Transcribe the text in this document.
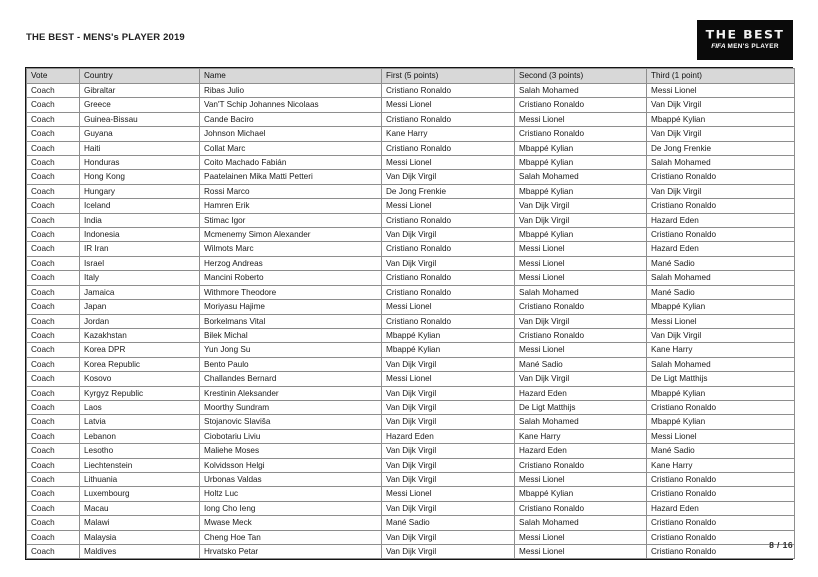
THE BEST - MENS's PLAYER 2019	THE BEST
FIFA MEN'S PLAYER
Vote	Country	Name	First (5 points)	Second (3 points)	Third (1 point)
Coach	Gibraltar	Ribas Julio	Cristiano Ronaldo	Salah Mohamed	Messi Lionel
Coach	Greece	Van'T Schip Johannes Nicolaas	Messi Lionel	Cristiano Ronaldo	Van Dijk Virgil
Coach	Guinea-Bissau	Cande Baciro	Cristiano Ronaldo	Messi Lionel	Mbappé Kylian
Coach	Guyana	Johnson Michael	Kane Harry	Cristiano Ronaldo	Van Dijk Virgil
Coach	Haiti	Collat Marc	Cristiano Ronaldo	Mbappé Kylian	De Jong Frenkie
Coach	Honduras	Coito Machado Fabián	Messi Lionel	Mbappé Kylian	Salah Mohamed
Coach	Hong Kong	Paatelainen Mika Matti Petteri	Van Dijk Virgil	Salah Mohamed	Cristiano Ronaldo
Coach	Hungary	Rossi Marco	De Jong Frenkie	Mbappé Kylian	Van Dijk Virgil
Coach	Iceland	Hamren Erik	Messi Lionel	Van Dijk Virgil	Cristiano Ronaldo
Coach	India	Stimac Igor	Cristiano Ronaldo	Van Dijk Virgil	Hazard Eden
Coach	Indonesia	Mcmenemy Simon Alexander	Van Dijk Virgil	Mbappé Kylian	Cristiano Ronaldo
Coach	IR Iran	Wilmots Marc	Cristiano Ronaldo	Messi Lionel	Hazard Eden
Coach	Israel	Herzog Andreas	Van Dijk Virgil	Messi Lionel	Mané Sadio
Coach	Italy	Mancini Roberto	Cristiano Ronaldo	Messi Lionel	Salah Mohamed
Coach	Jamaica	Withmore Theodore	Cristiano Ronaldo	Salah Mohamed	Mané Sadio
Coach	Japan	Moriyasu Hajime	Messi Lionel	Cristiano Ronaldo	Mbappé Kylian
Coach	Jordan	Borkelmans Vital	Cristiano Ronaldo	Van Dijk Virgil	Messi Lionel
Coach	Kazakhstan	Bilek Michal	Mbappé Kylian	Cristiano Ronaldo	Van Dijk Virgil
Coach	Korea DPR	Yun Jong Su	Mbappé Kylian	Messi Lionel	Kane Harry
Coach	Korea Republic	Bento Paulo	Van Dijk Virgil	Mané Sadio	Salah Mohamed
Coach	Kosovo	Challandes Bernard	Messi Lionel	Van Dijk Virgil	De Ligt Matthijs
Coach	Kyrgyz Republic	Krestinin Aleksander	Van Dijk Virgil	Hazard Eden	Mbappé Kylian
Coach	Laos	Moorthy Sundram	Van Dijk Virgil	De Ligt Matthijs	Cristiano Ronaldo
Coach	Latvia	Stojanovic Slaviša	Van Dijk Virgil	Salah Mohamed	Mbappé Kylian
Coach	Lebanon	Ciobotariu Liviu	Hazard Eden	Kane Harry	Messi Lionel
Coach	Lesotho	Maliehe Moses	Van Dijk Virgil	Hazard Eden	Mané Sadio
Coach	Liechtenstein	Kolvidsson Helgi	Van Dijk Virgil	Cristiano Ronaldo	Kane Harry
Coach	Lithuania	Urbonas Valdas	Van Dijk Virgil	Messi Lionel	Cristiano Ronaldo
Coach	Luxembourg	Holtz Luc	Messi Lionel	Mbappé Kylian	Cristiano Ronaldo
Coach	Macau	Iong Cho Ieng	Van Dijk Virgil	Cristiano Ronaldo	Hazard Eden
Coach	Malawi	Mwase Meck	Mané Sadio	Salah Mohamed	Cristiano Ronaldo
Coach	Malaysia	Cheng Hoe Tan	Van Dijk Virgil	Messi Lionel	Cristiano Ronaldo
Coach	Maldives	Hrvatsko Petar	Van Dijk Virgil	Messi Lionel	Cristiano Ronaldo
8 / 16
